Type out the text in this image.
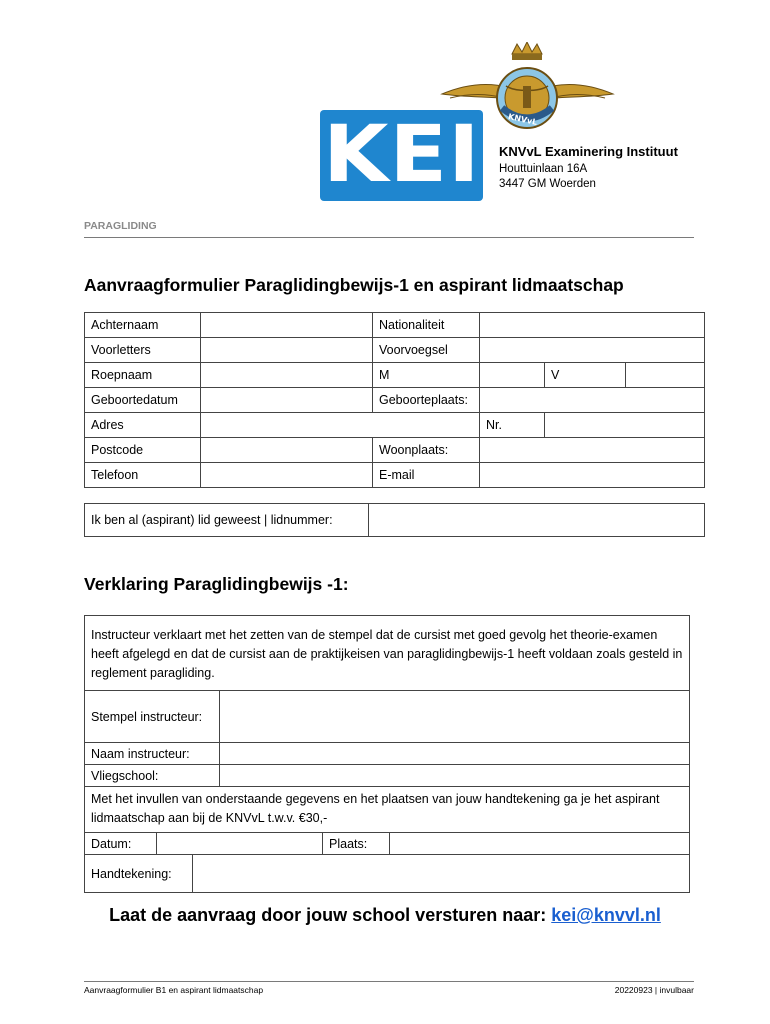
KNVvL
KEI KNVvL Examinering Instituut
Houttuinlaan 16A
3447 GM Woerden
PARAGLIDING
Aanvraagformulier Paraglidingbewijs-1 en aspirant lidmaatschap
Achternaam		Nationaliteit			
Voorletters		Voorvoegsel			
Roepnaam		M		V	
Geboortedatum		Geboorteplaats:			
Adres			Nr.		
Postcode		Woonplaats:			
Telefoon		E-mail			
Ik ben al (aspirant) lid geweest | lidnummer:	
Verklaring Paraglidingbewijs -1:
Instructeur verklaart met het zetten van de stempel dat de cursist met goed gevolg het theorie-examen heeft afgelegd en dat de cursist aan de praktijkeisen van paraglidingbewijs-1 heeft voldaan zoals gesteld in reglement paragliding.
Stempel instructeur:
Naam instructeur:
Vliegschool:
Met het invullen van onderstaande gegevens en het plaatsen van jouw handtekening ga je het aspirant lidmaatschap aan bij de KNVvL t.w.v. €30,-
Datum:	Plaats:
Handtekening:
Laat de aanvraag door jouw school versturen naar: kei@knvvl.nl
Aanvraagformulier B1 en aspirant lidmaatschap	20220923 | invulbaar
